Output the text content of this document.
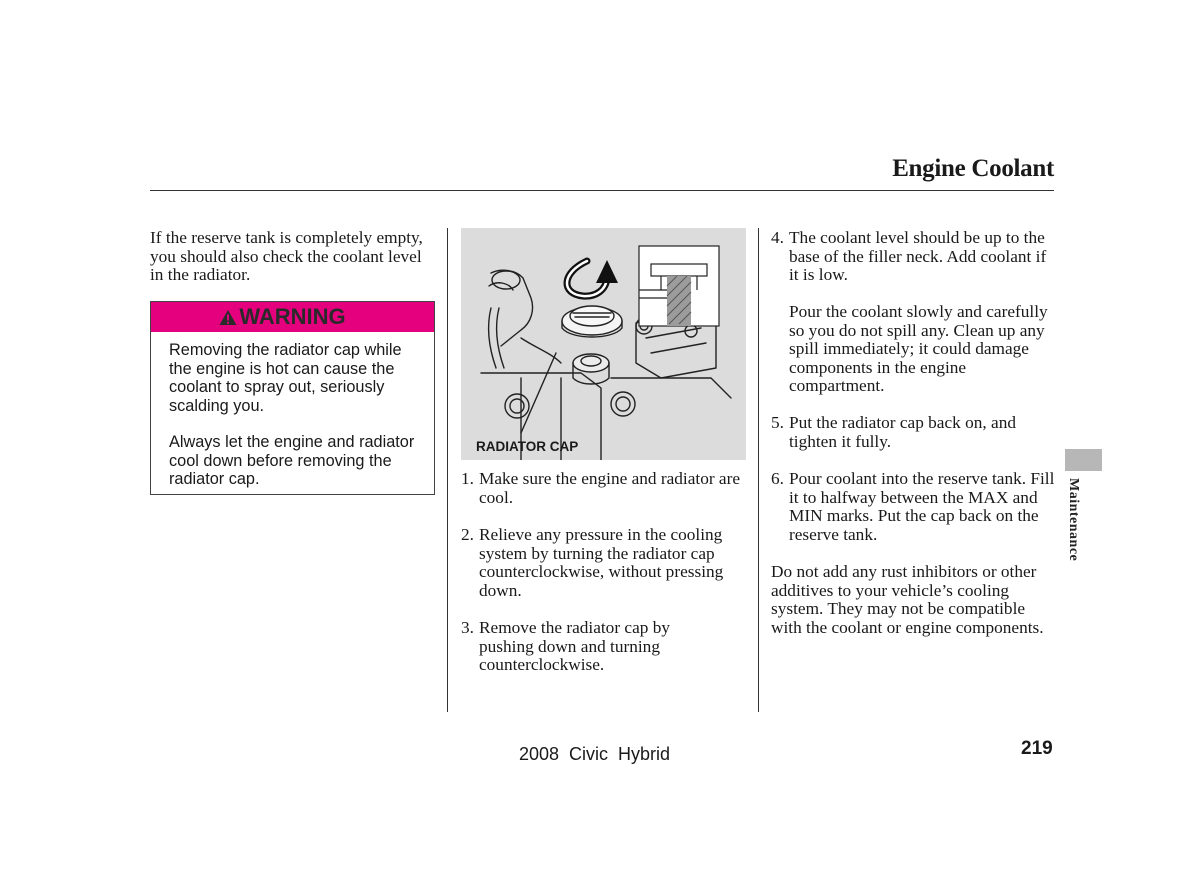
Engine Coolant
If the reserve tank is completely empty, you should also check the coolant level in the radiator.
WARNING
Removing the radiator cap while the engine is hot can cause the coolant to spray out, seriously scalding you.
Always let the engine and radiator cool down before removing the radiator cap.
RADIATOR CAP
1. Make sure the engine and radiator are cool.
2. Relieve any pressure in the cooling system by turning the radiator cap counterclockwise, without pressing down.
3. Remove the radiator cap by pushing down and turning counterclockwise.
4. The coolant level should be up to the base of the filler neck. Add coolant if it is low.
Pour the coolant slowly and carefully so you do not spill any. Clean up any spill immediately; it could damage components in the engine compartment.
5. Put the radiator cap back on, and tighten it fully.
6. Pour coolant into the reserve tank. Fill it to halfway between the MAX and MIN marks. Put the cap back on the reserve tank.
Do not add any rust inhibitors or other additives to your vehicle’s cooling system. They may not be compatible with the coolant or engine components.
Maintenance
2008  Civic  Hybrid	219
